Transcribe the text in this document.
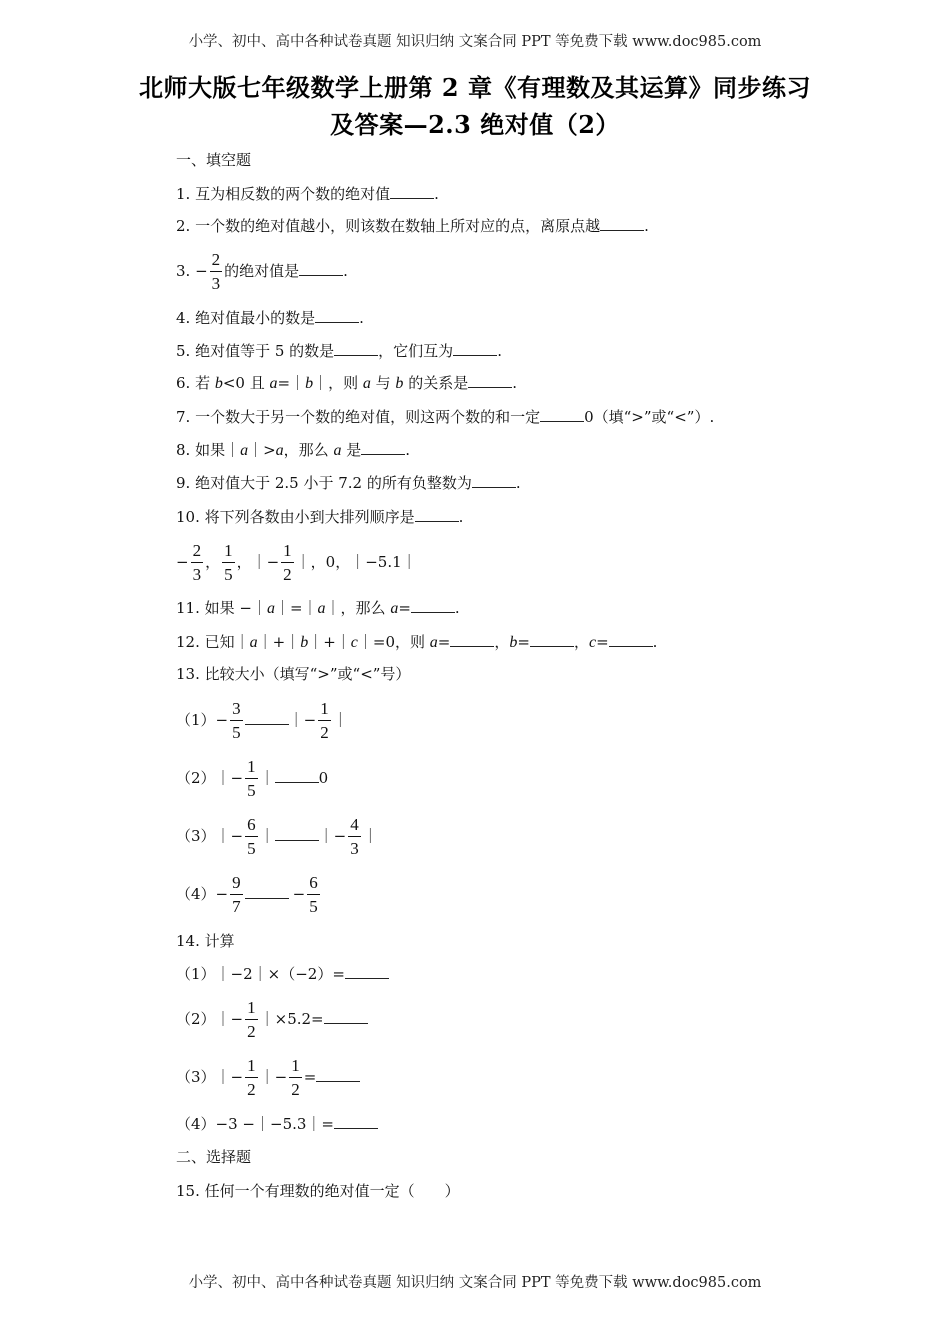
小学、初中、高中各种试卷真题 知识归纳 文案合同 PPT 等免费下载 www.doc985.com
北师大版七年级数学上册第 2 章《有理数及其运算》同步练习
及答案—2.3 绝对值（2）
一、填空题
1. 互为相反数的两个数的绝对值	.
2. 一个数的绝对值越小，则该数在数轴上所对应的点，离原点越	.
3. − $\frac{2}{3}$ 的绝对值是	.
4. 绝对值最小的数是	.
5. 绝对值等于 5 的数是	，它们互为	.
6. 若 b<0 且 a=｜b｜，则 a 与 b 的关系是	.
7. 一个数大于另一个数的绝对值，则这两个数的和一定	0（填“>”或“<”）.
8. 如果｜a｜>a，那么 a 是	.
9. 绝对值大于 2.5 小于 7.2 的所有负整数为	.
10. 将下列各数由小到大排列顺序是	.
− $\frac{2}{3}$ ， $\frac{1}{5}$ ，｜− $\frac{1}{2}$ ｜，0，｜−5.1｜
11. 如果 −｜a｜=｜a｜，那么 a=	.
12. 已知｜a｜+｜b｜+｜c｜=0，则 a=	，b=	，c=	.
13. 比较大小（填写“>”或“<”号）
$(1)- \frac{3}{5}$	｜− $\frac{1}{2}$ ｜
（2）｜− $\frac{1}{5}$ ｜	0
（3）｜− $\frac{6}{5}$ ｜	｜− $\frac{4}{3}$ ｜
$(4)- \frac{9}{7}$	− $\frac{6}{5}$
14. 计算
（1）｜−2｜×（−2）=
（2）｜− $\frac{1}{2}$ ｜×5.2=
（3）｜− $\frac{1}{2}$ ｜− $\frac{1}{2}$ =
（4）−3 −｜−5.3｜=
二、选择题
15. 任何一个有理数的绝对值一定（　　）
小学、初中、高中各种试卷真题 知识归纳 文案合同 PPT 等免费下载 www.doc985.com
